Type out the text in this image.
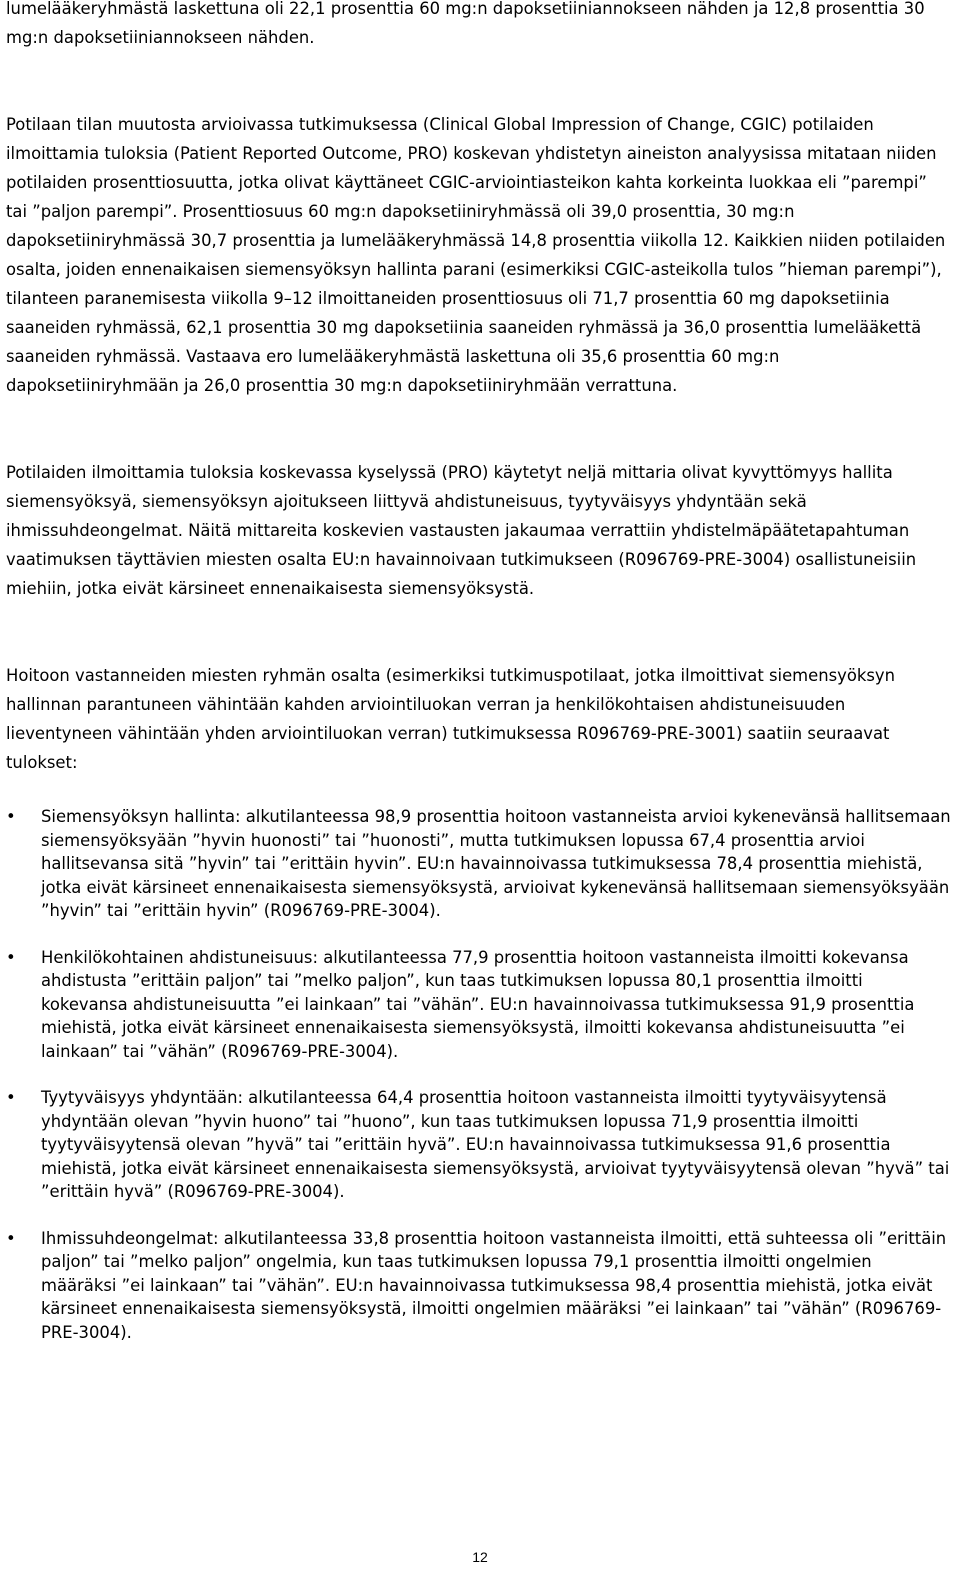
lumelääkeryhmästä laskettuna oli 22,1 prosenttia 60 mg:n dapoksetiiniannokseen nähden ja 12,8 prosenttia 30 mg:n dapoksetiiniannokseen nähden.

Potilaan tilan muutosta arvioivassa tutkimuksessa (Clinical Global Impression of Change, CGIC) potilaiden ilmoittamia tuloksia (Patient Reported Outcome, PRO) koskevan yhdistetyn aineiston analyysissa mitataan niiden potilaiden prosenttiosuutta, jotka olivat käyttäneet CGIC-arviointiasteikon kahta korkeinta luokkaa eli ”parempi” tai ”paljon parempi”. Prosenttiosuus 60 mg:n dapoksetiiniryhmässä oli 39,0 prosenttia, 30 mg:n dapoksetiiniryhmässä 30,7 prosenttia ja lumelääkeryhmässä 14,8 prosenttia viikolla 12. Kaikkien niiden potilaiden osalta, joiden ennenaikaisen siemensyöksyn hallinta parani (esimerkiksi CGIC-asteikolla tulos ”hieman parempi”), tilanteen paranemisesta viikolla 9–12 ilmoittaneiden prosenttiosuus oli 71,7 prosenttia 60 mg dapoksetiinia saaneiden ryhmässä, 62,1 prosenttia 30 mg dapoksetiinia saaneiden ryhmässä ja 36,0 prosenttia lumelääkettä saaneiden ryhmässä. Vastaava ero lumelääkeryhmästä laskettuna oli 35,6 prosenttia 60 mg:n dapoksetiiniryhmään ja 26,0 prosenttia 30 mg:n dapoksetiiniryhmään verrattuna.

Potilaiden ilmoittamia tuloksia koskevassa kyselyssä (PRO) käytetyt neljä mittaria olivat kyvyttömyys hallita siemensyöksyä, siemensyöksyn ajoitukseen liittyvä ahdistuneisuus, tyytyväisyys yhdyntään sekä ihmissuhdeongelmat. Näitä mittareita koskevien vastausten jakaumaa verrattiin yhdistelmäpäätetapahtuman vaatimuksen täyttävien miesten osalta EU:n havainnoivaan tutkimukseen (R096769-PRE-3004) osallistuneisiin miehiin, jotka eivät kärsineet ennenaikaisesta siemensyöksystä.

Hoitoon vastanneiden miesten ryhmän osalta (esimerkiksi tutkimuspotilaat, jotka ilmoittivat siemensyöksyn hallinnan parantuneen vähintään kahden arviointiluokan verran ja henkilökohtaisen ahdistuneisuuden lieventyneen vähintään yhden arviointiluokan verran) tutkimuksessa R096769-PRE-3001) saatiin seuraavat tulokset:

•	Siemensyöksyn hallinta: alkutilanteessa 98,9 prosenttia hoitoon vastanneista arvioi kykenevänsä hallitsemaan siemensyöksyään ”hyvin huonosti” tai ”huonosti”, mutta tutkimuksen lopussa 67,4 prosenttia arvioi hallitsevansa sitä ”hyvin” tai ”erittäin hyvin”. EU:n havainnoivassa tutkimuksessa 78,4 prosenttia miehistä, jotka eivät kärsineet ennenaikaisesta siemensyöksystä, arvioivat kykenevänsä hallitsemaan siemensyöksyään ”hyvin” tai ”erittäin hyvin” (R096769-PRE-3004).
•	Henkilökohtainen ahdistuneisuus: alkutilanteessa 77,9 prosenttia hoitoon vastanneista ilmoitti kokevansa ahdistusta ”erittäin paljon” tai ”melko paljon”, kun taas tutkimuksen lopussa 80,1 prosenttia ilmoitti kokevansa ahdistuneisuutta ”ei lainkaan” tai ”vähän”. EU:n havainnoivassa tutkimuksessa 91,9 prosenttia miehistä, jotka eivät kärsineet ennenaikaisesta siemensyöksystä, ilmoitti kokevansa ahdistuneisuutta ”ei lainkaan” tai ”vähän” (R096769-PRE-3004).
•	Tyytyväisyys yhdyntään: alkutilanteessa 64,4 prosenttia hoitoon vastanneista ilmoitti tyytyväisyytensä yhdyntään olevan ”hyvin huono” tai ”huono”, kun taas tutkimuksen lopussa 71,9 prosenttia ilmoitti tyytyväisyytensä olevan ”hyvä” tai ”erittäin hyvä”. EU:n havainnoivassa tutkimuksessa 91,6 prosenttia miehistä, jotka eivät kärsineet ennenaikaisesta siemensyöksystä, arvioivat tyytyväisyytensä olevan ”hyvä” tai ”erittäin hyvä” (R096769-PRE-3004).
•	Ihmissuhdeongelmat: alkutilanteessa 33,8 prosenttia hoitoon vastanneista ilmoitti, että suhteessa oli ”erittäin paljon” tai ”melko paljon” ongelmia, kun taas tutkimuksen lopussa 79,1 prosenttia ilmoitti ongelmien määräksi ”ei lainkaan” tai ”vähän”. EU:n havainnoivassa tutkimuksessa 98,4 prosenttia miehistä, jotka eivät kärsineet ennenaikaisesta siemensyöksystä, ilmoitti ongelmien määräksi ”ei lainkaan” tai ”vähän” (R096769-PRE-3004).
12
